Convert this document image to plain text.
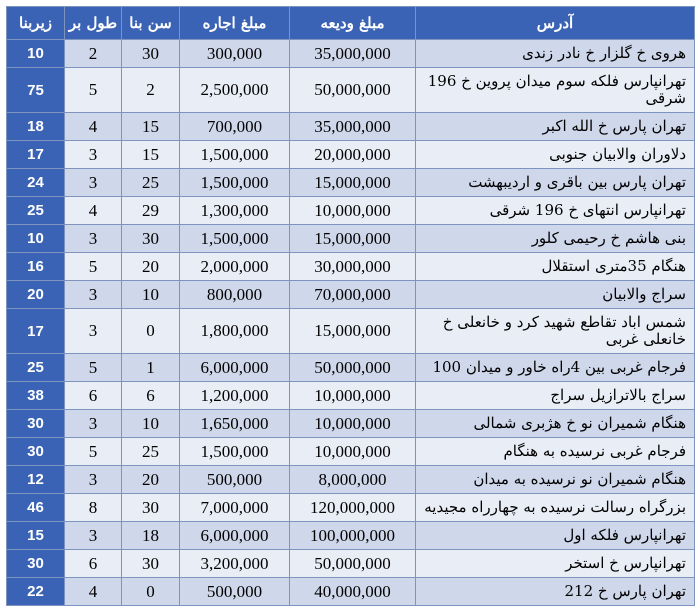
زیربنا	طول بر	سن بنا	مبلغ اجاره	مبلغ ودیعه	آدرس
10	2	30	300,000	35,000,000	هروی خ گلزار خ نادر زندی
75	5	2	2,500,000	50,000,000	تهرانپارس فلکه سوم میدان پروین خ 196 شرقی
18	4	15	700,000	35,000,000	تهران پارس خ الله اکبر
17	3	15	1,500,000	20,000,000	دلاوران والابیان جنوبی
24	3	25	1,500,000	15,000,000	تهران پارس بین باقری و اردیبهشت
25	4	29	1,300,000	10,000,000	تهرانپارس انتهای خ 196 شرقی
10	3	30	1,500,000	15,000,000	بنی هاشم خ رحیمی کلور
16	5	20	2,000,000	30,000,000	هنگام 35متری استقلال
20	3	10	800,000	70,000,000	سراج والابیان
17	3	0	1,800,000	15,000,000	شمس اباد تقاطع شهید کرد و خانعلی خ خانعلی غربی
25	5	1	6,000,000	50,000,000	فرجام غربی بین 4راه خاور و میدان 100
38	6	6	1,200,000	10,000,000	سراج بالاترازیل سراج
30	3	10	1,650,000	10,000,000	هنگام شمیران نو خ هژبری شمالی
30	5	25	1,500,000	10,000,000	فرجام غربی نرسیده به هنگام
12	3	20	500,000	8,000,000	هنگام شمیران نو نرسیده به میدان
46	8	30	7,000,000	120,000,000	بزرگراه رسالت نرسیده به چهارراه مجیدیه
15	3	18	6,000,000	100,000,000	تهرانپارس فلکه اول
30	6	30	3,200,000	50,000,000	تهرانپارس خ استخر
22	4	0	500,000	40,000,000	تهران پارس خ 212
